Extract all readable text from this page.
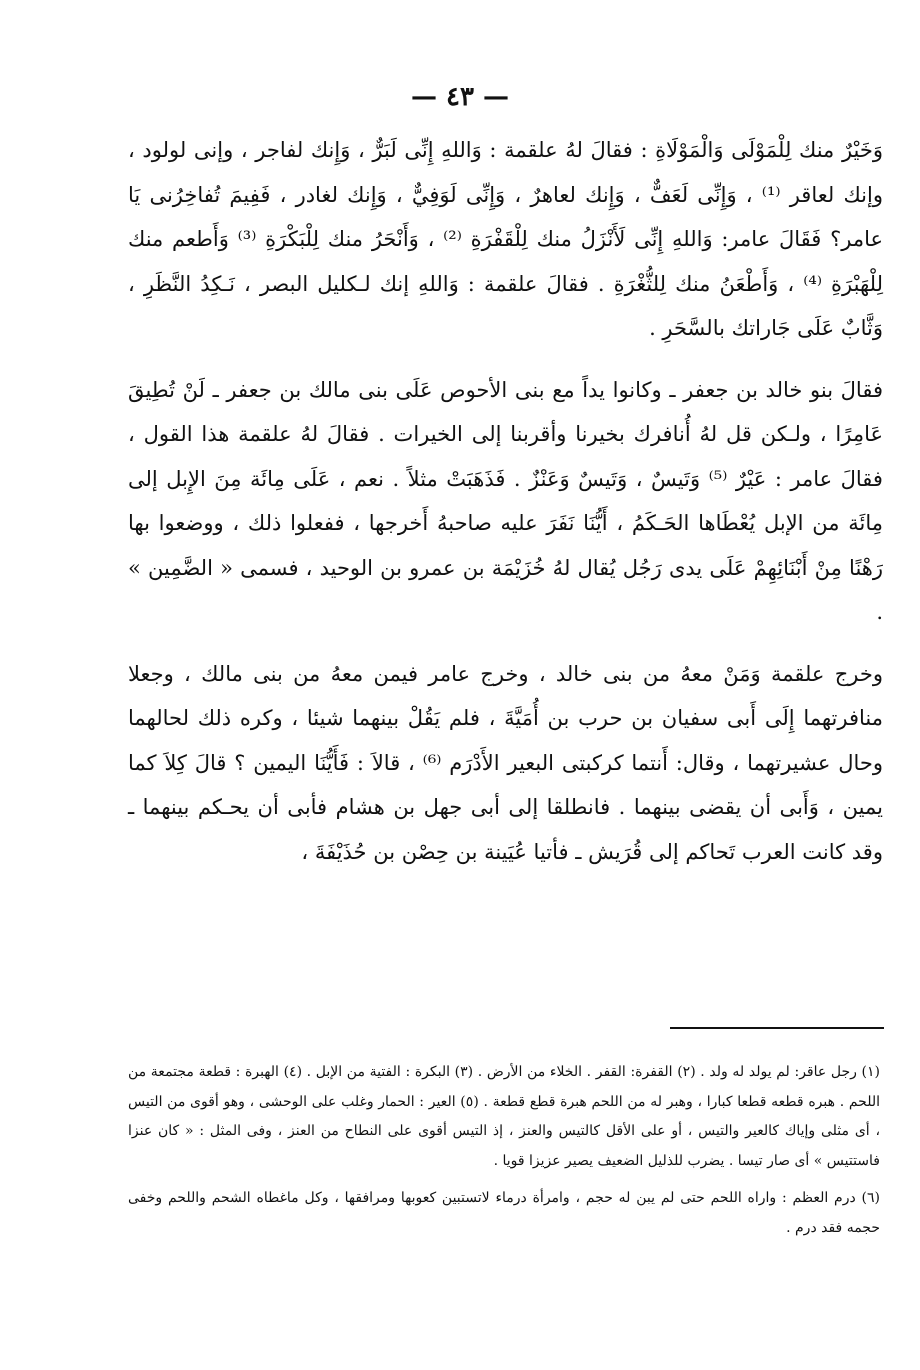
— ٤٣ —

وَخَيْرٌ منك لِلْمَوْلَى وَالْمَوْلَاةِ : فقالَ لهُ علقمة : وَاللهِ إِنِّى لَبَرٌّ ، وَإِنك لفاجر ، وإنى لولود ، وإنك لعاقر ⁽¹⁾ ، وَإِنِّى لَعَفٌّ ، وَإِنك لعاهرٌ ، وَإِنِّى لَوَفِيٌّ ، وَإِنك لغادر ، فَفِيمَ تُفاخِرُنى يَا عامر؟ فَقَالَ عامر: وَاللهِ إِنِّى لَأَنْزَلُ منك لِلْقَفْرَةِ ⁽²⁾ ، وَأَنْحَرُ منك لِلْبَكْرَةِ ⁽³⁾ وَأَطعم منك لِلْهَبْرَةِ ⁽⁴⁾ ، وَأَطْعَنُ منك لِلثُّغْرَةِ . فقالَ علقمة : وَاللهِ إنك لـكليل البصر ، نَـكِدُ النَّظَرِ ، وَثَّابٌ عَلَى جَاراتك بالسَّحَرِ .

فقالَ بنو خالد بن جعفر ـ وكانوا يداً مع بنى الأحوص عَلَى بنى مالك بن جعفر ـ لَنْ تُطِيقَ عَامِرًا ، ولـكن قل لهُ أُنافرك بخيرنا وأقربنا إلى الخيرات . فقالَ لهُ علقمة هذا القول ، فقالَ عامر : عَيْرٌ ⁽⁵⁾ وَتَيسٌ ، وَتَيسٌ وَعَنْزٌ . فَذَهَبَتْ مثلاً . نعم ، عَلَى مِائَة مِنَ الإِبل إلى مِائَة من الإبل يُعْطَاها الحَـكَمُ ، أَيُّنَا نَفَرَ عليه صاحبهُ أَخرجها ، ففعلوا ذلك ، ووضعوا بها رَهْنًا مِنْ أَبْنَائِهِمْ عَلَى يدى رَجُل يُقال لهُ خُزَيْمَة بن عمرو بن الوحيد ، فسمى « الضَّمِين » .

وخرج علقمة وَمَنْ معهُ من بنى خالد ، وخرج عامر فيمن معهُ من بنى مالك ، وجعلا منافرتهما إِلَى أَبى سفيان بن حرب بن أُمَيَّةَ ، فلم يَقُلْ بينهما شيئا ، وكره ذلك لحالهما وحال عشيرتهما ، وقال: أَنتما كركبتى البعير الأَدْرَم ⁽⁶⁾ ، قالاَ : فَأَيُّنَا اليمين ؟ قالَ كِلاَ كما يمين ، وَأَبى أن يقضى بينهما . فانطلقا إلى أبى جهل بن هشام فأبى أن يحـكم بينهما ـ وقد كانت العرب تَحاكم إلى قُرَيش ـ فأتيا عُيَينة بن حِصْن بن حُذَيْفَةَ ،

(١) رجل عاقر: لم يولد له ولد . (٢) القفرة: القفر . الخلاء من الأرض . (٣) البكرة : الفتية من الإبل . (٤) الهبرة : قطعة مجتمعة من اللحم . هبره قطعه قطعا كبارا ، وهبر له من اللحم هبرة قطع قطعة . (٥) العير : الحمار وغلب على الوحشى ، وهو أقوى من التيس ، أى مثلى وإياك كالعير والتيس ، أو على الأقل كالتيس والعنز ، إذ التيس أقوى على النطاح من العنز ، وفى المثل : « كان عنزا فاستتيس » أى صار تيسا . يضرب للذليل الضعيف يصير عزيزا قويا .

(٦) درم العظم : واراه اللحم حتى لم يبن له حجم ، وامرأة درماء لاتستبين كعوبها ومرافقها ، وكل ماغطاه الشحم واللحم وخفى حجمه فقد درم .
